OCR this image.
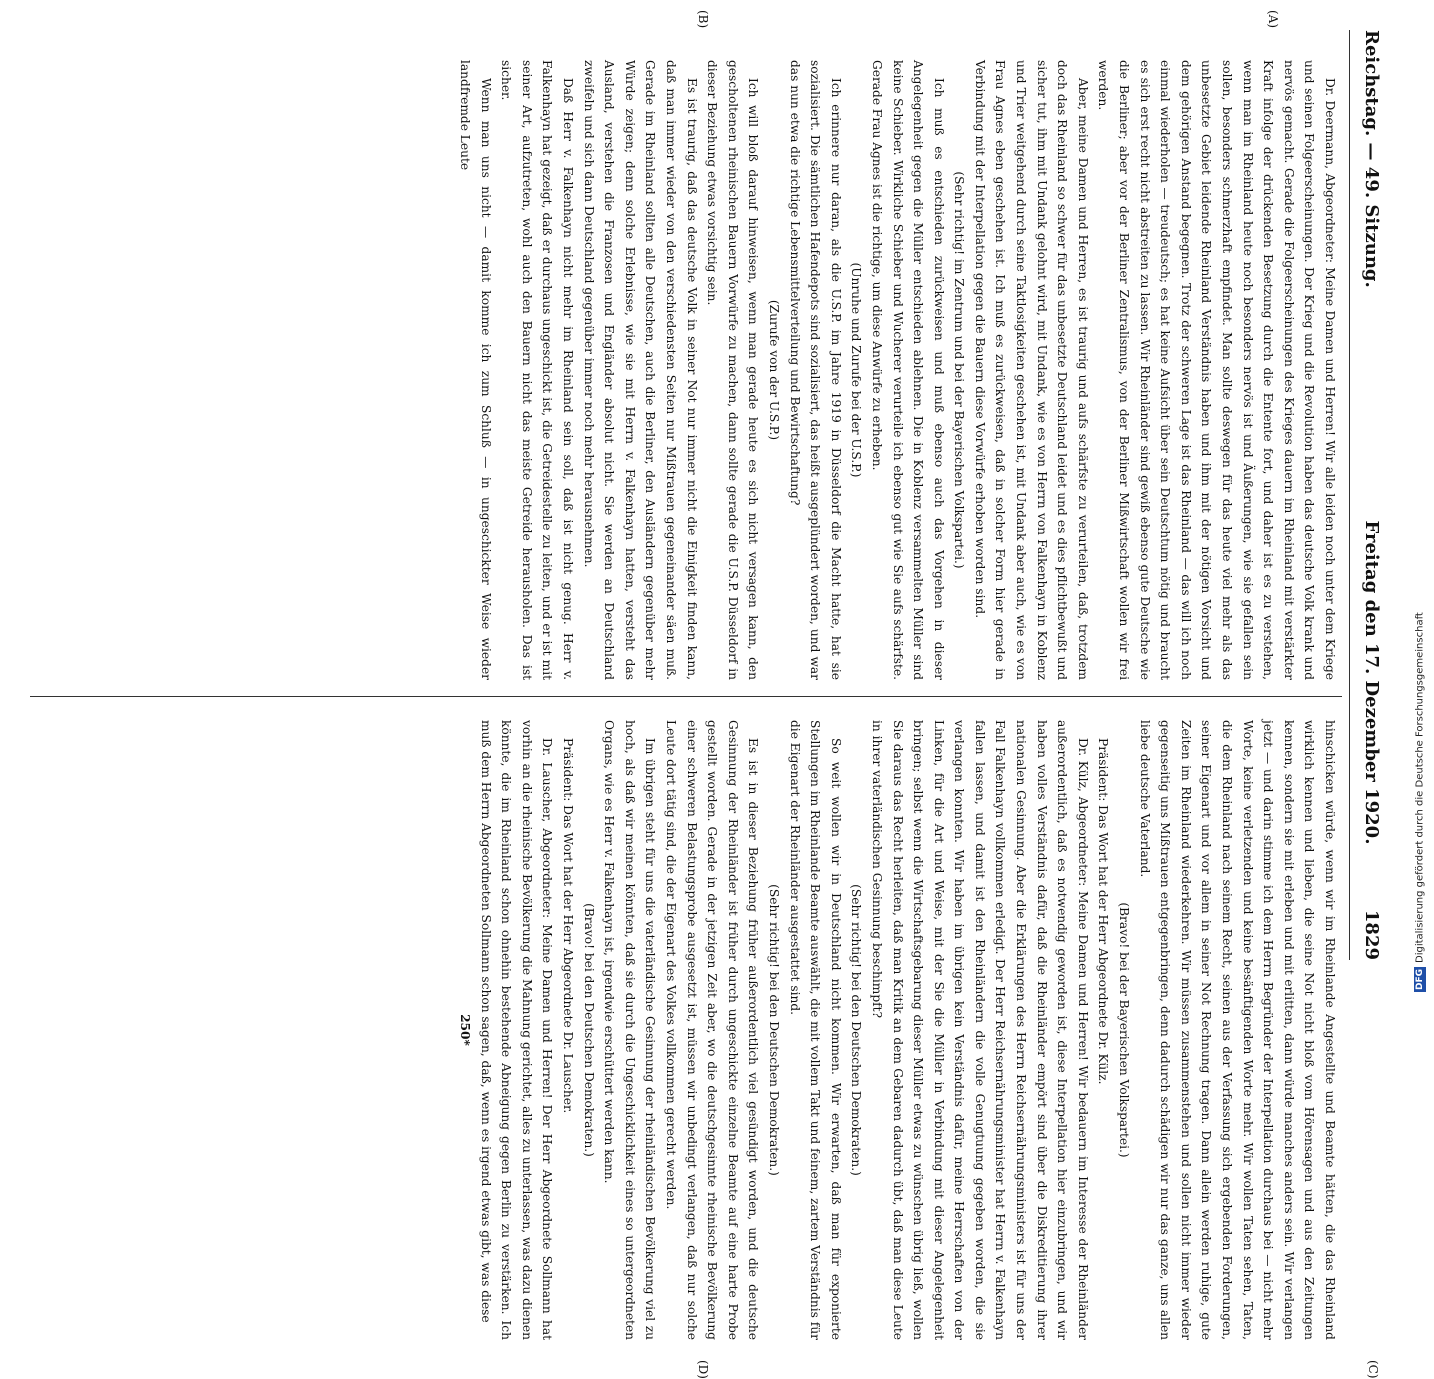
Reichstag. — 49. Sitzung.
Freitag den 17. Dezember 1920.
1829
(A)
(B)
(C)
(D)

Dr. Deermann, Abgeordneter: Meine Damen und Herren! Wir alle leiden noch unter dem Kriege und seinen Folgeerscheinungen. Der Krieg und die Revolution haben das deutsche Volk krank und nervös gemacht. Gerade die Folgeerscheinungen des Krieges dauern im Rheinland mit verstärkter Kraft infolge der drückenden Besetzung durch die Entente fort, und daher ist es zu verstehen, wenn man im Rheinland heute noch besonders nervös ist und Äußerungen, wie sie gefallen sein sollen, besonders schmerzhaft empfindet. Man sollte deswegen für das heute viel mehr als das unbesetzte Gebiet leidende Rheinland Verständnis haben und ihm mit der nötigen Vorsicht und dem gehörigen Anstand begegnen. Trotz der schweren Lage ist das Rheinland — das will ich noch einmal wiederholen — treudeutsch; es hat keine Aufsicht über sein Deutschtum nötig und braucht es sich erst recht nicht abstreiten zu lassen. Wir Rheinländer sind gewiß ebenso gute Deutsche wie die Berliner; aber vor der Berliner Zentralismus, von der Berliner Mißwirtschaft wollen wir frei werden.

Aber, meine Damen und Herren, es ist traurig und aufs schärfste zu verurteilen, daß, trotzdem doch das Rheinland so schwer für das unbesetzte Deutschland leidet und es dies pflichtbewußt und sicher tut, ihm mit Undank gelohnt wird, mit Undank, wie es von Herrn von Falkenhayn in Koblenz und Trier weitgehend durch seine Taktlosigkeiten geschehen ist, mit Undank aber auch, wie es von Frau Agnes eben geschehen ist. Ich muß es zurückweisen, daß in solcher Form hier gerade in Verbindung mit der Interpellation gegen die Bauern diese Vorwürfe erhoben worden sind.

(Sehr richtig! im Zentrum und bei der Bayerischen Volkspartei.)

Ich muß es entschieden zurückweisen und muß ebenso auch das Vorgehen in dieser Angelegenheit gegen die Müller entschieden ablehnen. Die in Koblenz versammelten Müller sind keine Schieber. Wirkliche Schieber und Wucherer verurteile ich ebenso gut wie Sie aufs schärfste. Gerade Frau Agnes ist die richtige, um diese Anwürfe zu erheben.

(Unruhe und Zurufe bei der U.S.P.)

Ich erinnere nur daran, als die U.S.P. im Jahre 1919 in Düsseldorf die Macht hatte, hat sie sozialisiert. Die sämtlichen Hafendepots sind sozialisiert, das heißt ausgeplündert worden, und war das nun etwa die richtige Lebensmittelverteilung und Bewirtschaftung?

(Zurufe von der U.S.P.)

Ich will bloß darauf hinweisen, wenn man gerade heute es sich nicht versagen kann, den gescholtenen rheinischen Bauern Vorwürfe zu machen, dann sollte gerade die U.S.P. Düsseldorf in dieser Beziehung etwas vorsichtig sein.

Es ist traurig, daß das deutsche Volk in seiner Not nur immer nicht die Einigkeit finden kann, daß man immer wieder von den verschiedensten Seiten nur Mißtrauen gegeneinander säen muß. Gerade im Rheinland sollten alle Deutschen, auch die Berliner, den Ausländern gegenüber mehr Würde zeigen; denn solche Erlebnisse, wie sie mit Herrn v. Falkenhayn hatten, versteht das Ausland, verstehen die Franzosen und Engländer absolut nicht. Sie werden an Deutschland zweifeln und sich dann Deutschland gegenüber immer noch mehr herausnehmen.

Daß Herr v. Falkenhayn nicht mehr im Rheinland sein soll, daß ist nicht genug. Herr v. Falkenhayn hat gezeigt, daß er durchaus ungeschickt ist, die Getreidestelle zu leiten, und er ist mit seiner Art, aufzutreten, wohl auch den Bauern nicht das meiste Getreide herausholen. Das ist sicher.

Wenn man uns nicht — damit komme ich zum Schluß — in ungeschickter Weise wieder landfremde Leute

hinschicken würde, wenn wir im Rheinlande Angestellte und Beamte hätten, die das Rheinland wirklich kennen und lieben, die seine Not nicht bloß vom Hörensagen und aus den Zeitungen kennen, sondern sie mit erleben und mit erlitten, dann würde manches anders sein. Wir verlangen jetzt — und darin stimme ich dem Herrn Begründer der Interpellation durchaus bei — nicht mehr Worte, keine verletzenden und keine besänftigenden Worte mehr. Wir wollen Taten sehen, Taten, die dem Rheinland nach seinem Recht, seinen aus der Verfassung sich ergebenden Forderungen, seiner Eigenart und vor allem in seiner Not Rechnung tragen. Dann allein werden ruhige, gute Zeiten im Rheinland wiederkehren. Wir müssen zusammenstehen und sollen nicht immer wieder gegenseitig uns Mißtrauen entgegenbringen, denn dadurch schädigen wir nur das ganze, uns allen liebe deutsche Vaterland.

(Bravo! bei der Bayerischen Volkspartei.)

Präsident: Das Wort hat der Herr Abgeordnete Dr. Külz.

Dr. Külz, Abgeordneter: Meine Damen und Herren! Wir bedauern im Interesse der Rheinländer außerordentlich, daß es notwendig geworden ist, diese Interpellation hier einzubringen, und wir haben volles Verständnis dafür, daß die Rheinländer empört sind über die Diskreditierung ihrer nationalen Gesinnung. Aber die Erklärungen des Herrn Reichsernährungsministers ist für uns der Fall Falkenhayn vollkommen erledigt. Der Herr Reichsernährungsminister hat Herrn v. Falkenhayn fallen lassen, und damit ist den Rheinländern die volle Genugtuung gegeben worden, die sie verlangen konnten. Wir haben im übrigen kein Verständnis dafür, meine Herrschaften von der Linken, für die Art und Weise, mit der Sie die Müller in Verbindung mit dieser Angelegenheit bringen; selbst wenn die Wirtschaftsgebarung dieser Müller etwas zu wünschen übrig ließ, wollen Sie daraus das Recht herleiten, daß man Kritik an dem Gebaren dadurch übt, daß man diese Leute in ihrer vaterländischen Gesinnung beschimpft?

(Sehr richtig! bei den Deutschen Demokraten.)

So weit wollen wir in Deutschland nicht kommen. Wir erwarten, daß man für exponierte Stellungen im Rheinlande Beamte auswählt, die mit vollem Takt und feinem, zartem Verständnis für die Eigenart der Rheinländer ausgestattet sind.

(Sehr richtig! bei den Deutschen Demokraten.)

Es ist in dieser Beziehung früher außerordentlich viel gesündigt worden, und die deutsche Gesinnung der Rheinländer ist früher durch ungeschickte einzelne Beamte auf eine harte Probe gestellt worden. Gerade in der jetzigen Zeit aber, wo die deutschgesinnte rheinische Bevölkerung einer schweren Belastungsprobe ausgesetzt ist, müssen wir unbedingt verlangen, daß nur solche Leute dort tätig sind, die der Eigenart des Volkes vollkommen gerecht werden.

Im übrigen steht für uns die vaterländische Gesinnung der rheinländischen Bevölkerung viel zu hoch, als daß wir meinen könnten, daß sie durch die Ungeschicklichkeit eines so untergeordneten Organs, wie es Herr v. Falkenhayn ist, irgendwie erschüttert werden kann.

(Bravo! bei den Deutschen Demokraten.)

Präsident: Das Wort hat der Herr Abgeordnete Dr. Lauscher.

Dr. Lauscher, Abgeordneter: Meine Damen und Herren! Der Herr Abgeordnete Sollmann hat vorhin an die rheinische Bevölkerung die Mahnung gerichtet, alles zu unterlassen, was dazu dienen könnte, die im Rheinland schon ohnehin bestehende Abneigung gegen Berlin zu verstärken. Ich muß dem Herrn Abgeordneten Sollmann schon sagen, daß, wenn es irgend etwas gibt, was diese

250*

DFG
Digitalisierung gefördert durch die Deutsche Forschungsgemeinschaft
